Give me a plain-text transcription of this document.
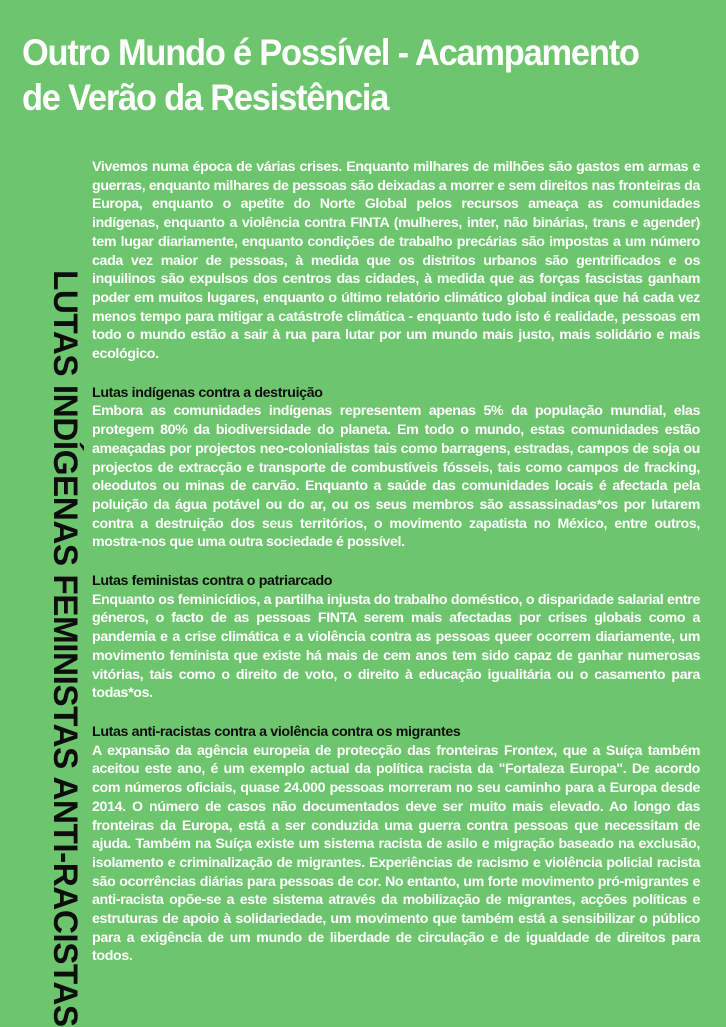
Outro Mundo é Possível - Acampamento
de Verão da Resistência
LUTAS INDÍGENAS FEMINISTAS ANTI-RACISTAS

Vivemos numa época de várias crises. Enquanto milhares de milhões são gastos em armas e guerras, enquanto milhares de pessoas são deixadas a morrer e sem direitos nas fronteiras da Europa, enquanto o apetite do Norte Global pelos recursos ameaça as comunidades indígenas, enquanto a violência contra FINTA (mulheres, inter, não binárias, trans e agender) tem lugar diariamente, enquanto condições de trabalho precárias são impostas a um número cada vez maior de pessoas, à medida que os distritos urbanos são gentrificados e os inquilinos são expulsos dos centros das cidades, à medida que as forças fascistas ganham poder em muitos lugares, enquanto o último relatório climático global indica que há cada vez menos tempo para mitigar a catástrofe climática - enquanto tudo isto é realidade, pessoas em todo o mundo estão a sair à rua para lutar por um mundo mais justo, mais solidário e mais ecológico.

Lutas indígenas contra a destruição

Embora as comunidades indígenas representem apenas 5% da população mundial, elas protegem 80% da biodiversidade do planeta. Em todo o mundo, estas comunidades estão ameaçadas por projectos neo-colonialistas tais como barragens, estradas, campos de soja ou projectos de extracção e transporte de combustíveis fósseis, tais como campos de fracking, oleodutos ou minas de carvão. Enquanto a saúde das comunidades locais é afectada pela poluição da água potável ou do ar, ou os seus membros são assassinadas*os por lutarem contra a destruição dos seus territórios, o movimento zapatista no México, entre outros, mostra-nos que uma outra sociedade é possível.

Lutas feministas contra o patriarcado

Enquanto os feminicídios, a partilha injusta do trabalho doméstico, o disparidade salarial entre géneros, o facto de as pessoas FINTA serem mais afectadas por crises globais como a pandemia e a crise climática e a violência contra as pessoas queer ocorrem diariamente, um movimento feminista que existe há mais de cem anos tem sido capaz de ganhar numerosas vitórias, tais como o direito de voto, o direito à educação igualitária ou o casamento para todas*os.

Lutas anti-racistas contra a violência contra os migrantes

A expansão da agência europeia de protecção das fronteiras Frontex, que a Suíça também aceitou este ano, é um exemplo actual da política racista da "Fortaleza Europa". De acordo com números oficiais, quase 24.000 pessoas morreram no seu caminho para a Europa desde 2014. O número de casos não documentados deve ser muito mais elevado. Ao longo das fronteiras da Europa, está a ser conduzida uma guerra contra pessoas que necessitam de ajuda. Também na Suíça existe um sistema racista de asilo e migração baseado na exclusão, isolamento e criminalização de migrantes. Experiências de racismo e violência policial racista são ocorrências diárias para pessoas de cor. No entanto, um forte movimento pró-migrantes e anti-racista opõe-se a este sistema através da mobilização de migrantes, acções políticas e estruturas de apoio à solidariedade, um movimento que também está a sensibilizar o público para a exigência de um mundo de liberdade de circulação e de igualdade de direitos para todos.
